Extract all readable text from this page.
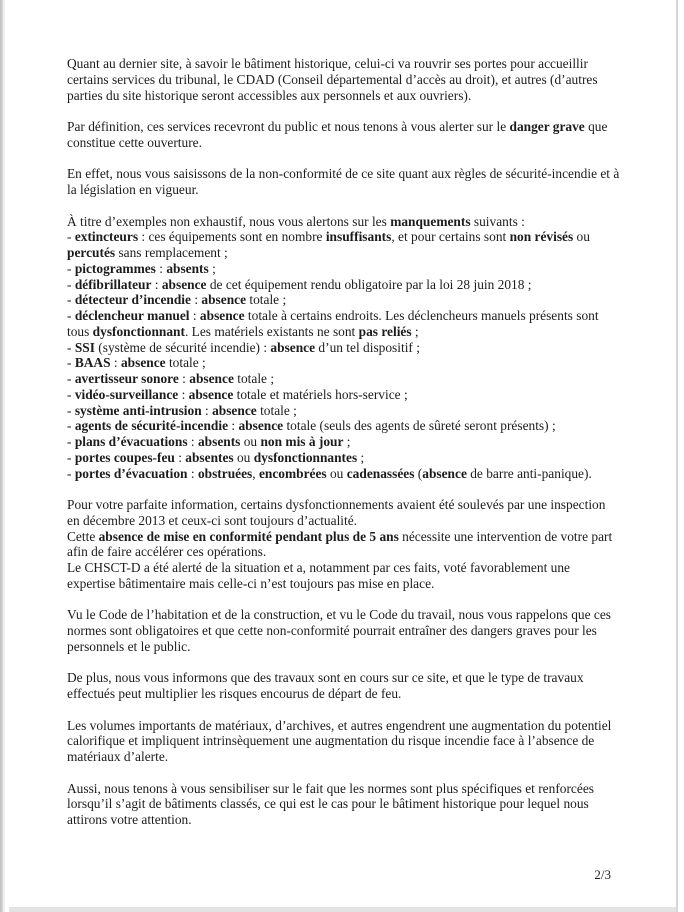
Quant au dernier site, à savoir le bâtiment historique, celui-ci va rouvrir ses portes pour accueillir certains services du tribunal, le CDAD (Conseil départemental d’accès au droit), et autres (d’autres parties du site historique seront accessibles aux personnels et aux ouvriers).

Par définition, ces services recevront du public et nous tenons à vous alerter sur le danger grave que constitue cette ouverture.

En effet, nous vous saisissons de la non-conformité de ce site quant aux règles de sécurité-incendie et à la législation en vigueur.

À titre d’exemples non exhaustif, nous vous alertons sur les manquements suivants :

- extincteurs : ces équipements sont en nombre insuffisants, et pour certains sont non révisés ou percutés sans remplacement ;

- pictogrammes : absents ;

- défibrillateur : absence de cet équipement rendu obligatoire par la loi 28 juin 2018 ;

- détecteur d’incendie : absence totale ;

- déclencheur manuel : absence totale à certains endroits. Les déclencheurs manuels présents sont tous dysfonctionnant. Les matériels existants ne sont pas reliés ;

- SSI (système de sécurité incendie) : absence d’un tel dispositif ;

- BAAS : absence totale ;

- avertisseur sonore : absence totale ;

- vidéo-surveillance : absence totale et matériels hors-service ;

- système anti-intrusion : absence totale ;

- agents de sécurité-incendie : absence totale (seuls des agents de sûreté seront présents) ;

- plans d’évacuations : absents ou non mis à jour ;

- portes coupes-feu : absentes ou dysfonctionnantes ;

- portes d’évacuation : obstruées, encombrées ou cadenassées (absence de barre anti-panique).

Pour votre parfaite information, certains dysfonctionnements avaient été soulevés par une inspection en décembre 2013 et ceux-ci sont toujours d’actualité.

Cette absence de mise en conformité pendant plus de 5 ans nécessite une intervention de votre part afin de faire accélérer ces opérations.

Le CHSCT-D a été alerté de la situation et a, notamment par ces faits, voté favorablement une expertise bâtimentaire mais celle-ci n’est toujours pas mise en place.

Vu le Code de l’habitation et de la construction, et vu le Code du travail, nous vous rappelons que ces normes sont obligatoires et que cette non-conformité pourrait entraîner des dangers graves pour les personnels et le public.

De plus, nous vous informons que des travaux sont en cours sur ce site, et que le type de travaux effectués peut multiplier les risques encourus de départ de feu.

Les volumes importants de matériaux, d’archives, et autres engendrent une augmentation du potentiel calorifique et impliquent intrinsèquement une augmentation du risque incendie face à l’absence de matériaux d’alerte.

Aussi, nous tenons à vous sensibiliser sur le fait que les normes sont plus spécifiques et renforcées lorsqu’il s’agit de bâtiments classés, ce qui est le cas pour le bâtiment historique pour lequel nous attirons votre attention.

2/3
